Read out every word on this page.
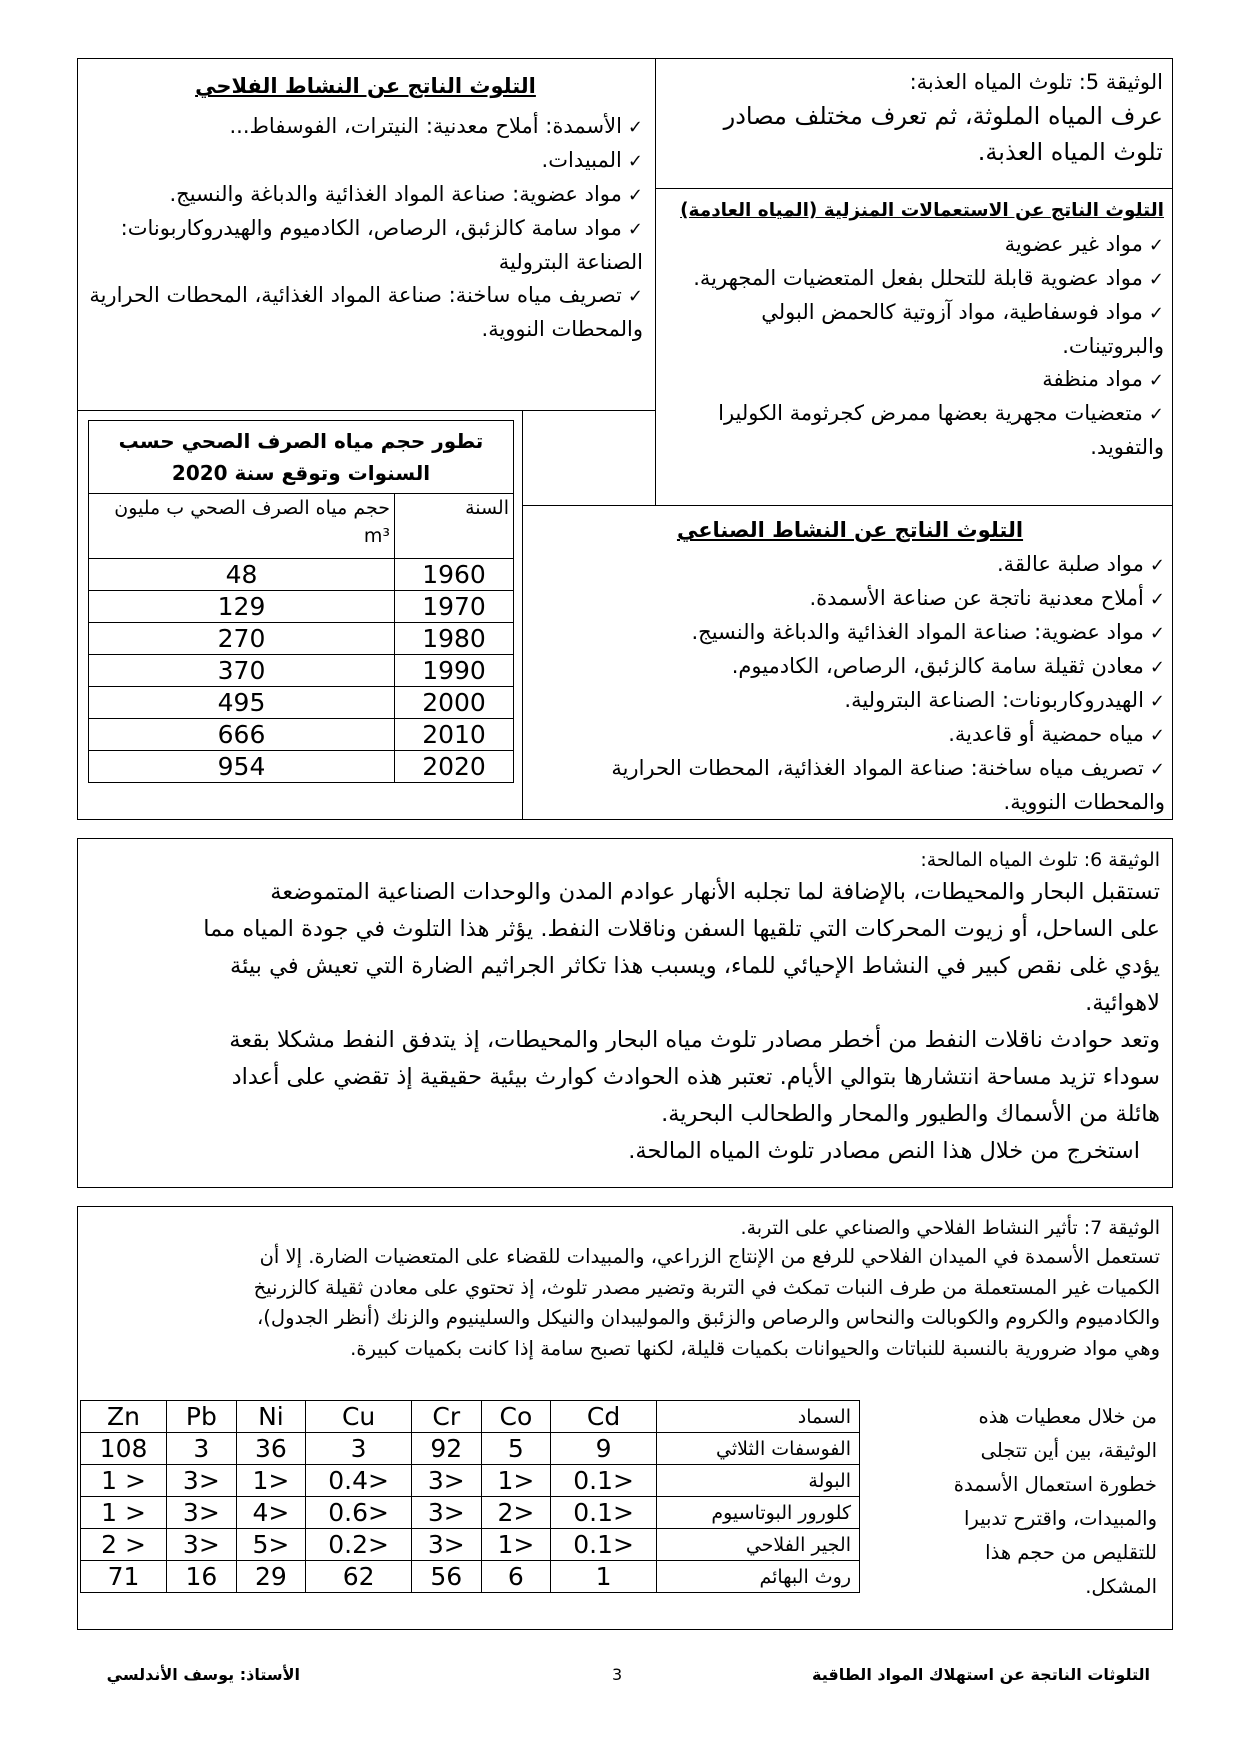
الوثيقة 5: تلوث المياه العذبة:
عرف المياه الملوثة، ثم تعرف مختلف مصادر تلوث المياه العذبة.
التلوث الناتج عن النشاط الفلاحي
✓الأسمدة: أملاح معدنية: النيترات، الفوسفاط...
✓المبيدات.
✓مواد عضوية: صناعة المواد الغذائية والدباغة والنسيج.
✓مواد سامة كالزئبق، الرصاص، الكادميوم والهيدروكاربونات: الصناعة البترولية
✓تصريف مياه ساخنة: صناعة المواد الغذائية، المحطات الحرارية والمحطات النووية.
التلوث الناتج عن الاستعمالات المنزلية (المياه العادمة)
✓مواد غير عضوية
✓مواد عضوية قابلة للتحلل بفعل المتعضيات المجهرية.
✓مواد فوسفاطية، مواد آزوتية كالحمض البولي والبروتينات.
✓مواد منظفة
✓متعضيات مجهرية بعضها ممرض كجرثومة الكوليرا والتفويد.
التلوث الناتج عن النشاط الصناعي
✓مواد صلبة عالقة.
✓أملاح معدنية ناتجة عن صناعة الأسمدة.
✓مواد عضوية: صناعة المواد الغذائية والدباغة والنسيج.
✓معادن ثقيلة سامة كالزئبق، الرصاص، الكادميوم.
✓الهيدروكاربونات: الصناعة البترولية.
✓مياه حمضية أو قاعدية.
✓تصريف مياه ساخنة: صناعة المواد الغذائية، المحطات الحرارية والمحطات النووية.
تطور حجم مياه الصرف الصحي حسب السنوات وتوقع سنة 2020
السنة	حجم مياه الصرف الصحي ب مليون m³
1960	48
1970	129
1980	270
1990	370
2000	495
2010	666
2020	954
الوثيقة 6: تلوث المياه المالحة:
تستقبل البحار والمحيطات، بالإضافة لما تجلبه الأنهار عوادم المدن والوحدات الصناعية المتموضعة
على الساحل، أو زيوت المحركات التي تلقيها السفن وناقلات النفط. يؤثر هذا التلوث في جودة المياه مما
يؤدي غلى نقص كبير في النشاط الإحيائي للماء، ويسبب هذا تكاثر الجراثيم الضارة التي تعيش في بيئة
لاهوائية.
وتعد حوادث ناقلات النفط من أخطر مصادر تلوث مياه البحار والمحيطات، إذ يتدفق النفط مشكلا بقعة
سوداء تزيد مساحة انتشارها بتوالي الأيام. تعتبر هذه الحوادث كوارث بيئية حقيقية إذ تقضي على أعداد
هائلة من الأسماك والطيور والمحار والطحالب البحرية.
استخرج من خلال هذا النص مصادر تلوث المياه المالحة.
الوثيقة 7: تأثير النشاط الفلاحي والصناعي على التربة.
تستعمل الأسمدة في الميدان الفلاحي للرفع من الإنتاج الزراعي، والمبيدات للقضاء على المتعضيات الضارة. إلا أن
الكميات غير المستعملة من طرف النبات تمكث في التربة وتضير مصدر تلوث، إذ تحتوي على معادن ثقيلة كالزرنيخ
والكادميوم والكروم والكوبالت والنحاس والرصاص والزئبق والموليبدان والنيكل والسلينيوم والزنك (أنظر الجدول)،
وهي مواد ضرورية بالنسبة للنباتات والحيوانات بكميات قليلة، لكنها تصبح سامة إذا كانت بكميات كبيرة.
من خلال معطيات هذه الوثيقة، بين أين تتجلى خطورة استعمال الأسمدة والمبيدات، واقترح تدبيرا للتقليص من حجم هذا المشكل.
Zn	Pb	Ni	Cu	Cr	Co	Cd	السماد
108	3	36	3	92	5	9	الفوسفات الثلاثي
1 >	3>	1>	0.4>	3>	1>	0.1>	البولة
1 >	3>	4>	0.6>	3>	2>	0.1>	كلورور البوتاسيوم
2 >	3>	5>	0.2>	3>	1>	0.1>	الجير الفلاحي
71	16	29	62	56	6	1	روث البهائم
التلوثات الناتجة عن استهلاك المواد الطاقية
3
الأستاذ: يوسف الأندلسي
